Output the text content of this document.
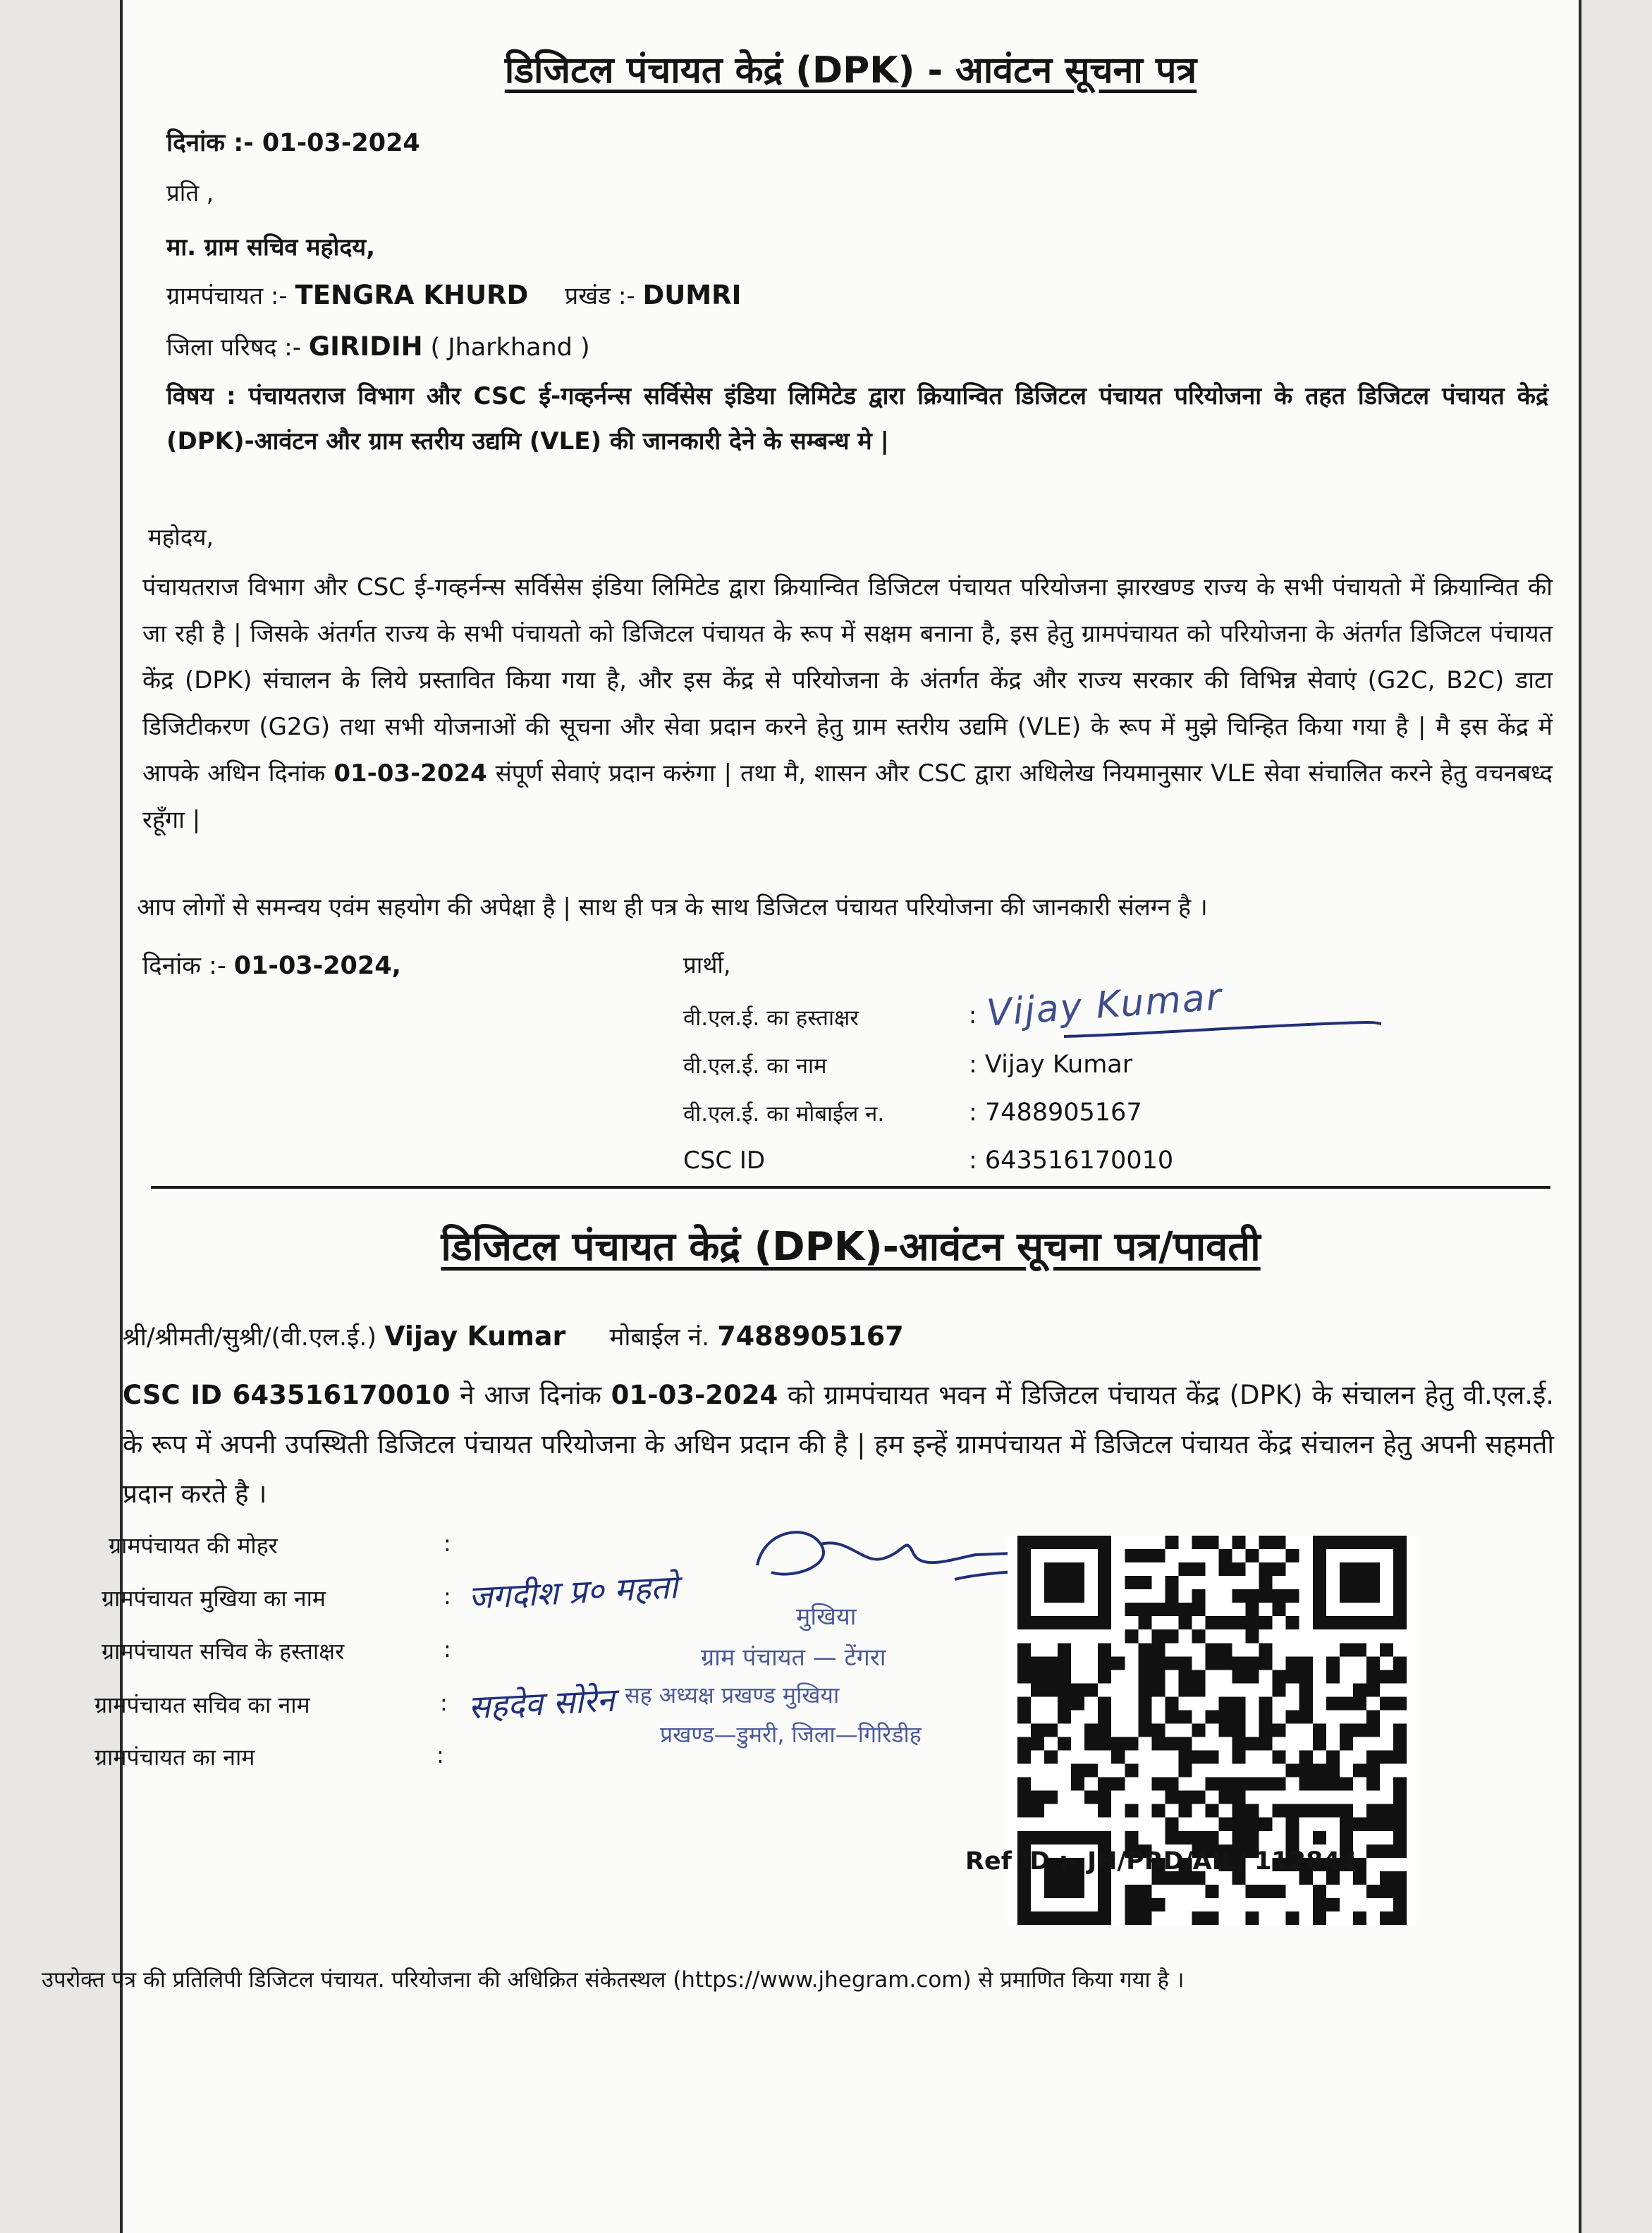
डिजिटल पंचायत केद्रं (DPK) - आवंटन सूचना पत्र
दिनांक :- 01-03-2024
प्रति ,
मा. ग्राम सचिव महोदय,
ग्रामपंचायत :- TENGRA KHURD प्रखंड :- DUMRI
जिला परिषद :- GIRIDIH ( Jharkhand )
विषय : पंचायतराज विभाग और CSC ई-गव्हर्नन्स सर्विसेस इंडिया लिमिटेड द्वारा क्रियान्वित डिजिटल पंचायत परियोजना के तहत डिजिटल पंचायत केद्रं (DPK)-आवंटन और ग्राम स्तरीय उद्यमि (VLE) की जानकारी देने के सम्बन्ध मे |
महोदय,
पंचायतराज विभाग और CSC ई-गव्हर्नन्स सर्विसेस इंडिया लिमिटेड द्वारा क्रियान्वित डिजिटल पंचायत परियोजना झारखण्ड राज्य के सभी पंचायतो में क्रियान्वित की जा रही है | जिसके अंतर्गत राज्य के सभी पंचायतो को डिजिटल पंचायत के रूप में सक्षम बनाना है, इस हेतु ग्रामपंचायत को परियोजना के अंतर्गत डिजिटल पंचायत केंद्र (DPK) संचालन के लिये प्रस्तावित किया गया है, और इस केंद्र से परियोजना के अंतर्गत केंद्र और राज्य सरकार की विभिन्न सेवाएं (G2C, B2C) डाटा डिजिटीकरण (G2G) तथा सभी योजनाओं की सूचना और सेवा प्रदान करने हेतु ग्राम स्तरीय उद्यमि (VLE) के रूप में मुझे चिन्हित किया गया है | मै इस केंद्र में आपके अधिन दिनांक 01-03-2024 संपूर्ण सेवाएं प्रदान करुंगा | तथा मै, शासन और CSC द्वारा अधिलेख नियमानुसार VLE सेवा संचालित करने हेतु वचनबध्द रहूँगा |
आप लोगों से समन्वय एवंम सहयोग की अपेक्षा है | साथ ही पत्र के साथ डिजिटल पंचायत परियोजना की जानकारी संलग्न है ।
दिनांक :- 01-03-2024,	प्रार्थी,
वी.एल.ई. का हस्ताक्षर	: Vijay Kumar
वी.एल.ई. का नाम	: Vijay Kumar
वी.एल.ई. का मोबाईल न.	: 7488905167
CSC ID	: 643516170010
डिजिटल पंचायत केद्रं (DPK)-आवंटन सूचना पत्र/पावती
श्री/श्रीमती/सुश्री/(वी.एल.ई.) Vijay Kumar मोबाईल नं. 7488905167
CSC ID 643516170010 ने आज दिनांक 01-03-2024 को ग्रामपंचायत भवन में डिजिटल पंचायत केंद्र (DPK) के संचालन हेतु वी.एल.ई. के रूप में अपनी उपस्थिती डिजिटल पंचायत परियोजना के अधिन प्रदान की है | हम इन्हें ग्रामपंचायत में डिजिटल पंचायत केंद्र संचालन हेतु अपनी सहमती प्रदान करते है ।
ग्रामपंचायत की मोहर	:
ग्रामपंचायत मुखिया का नाम	: जगदीश प्र० महतो
ग्रामपंचायत सचिव के हस्ताक्षर	:
ग्रामपंचायत सचिव का नाम	: सहदेव सोरेन
ग्रामपंचायत का नाम	:
मुखिया
ग्राम पंचायत — टेंगरा
सह अध्यक्ष प्रखण्ड मुखिया
प्रखण्ड—डुमरी, जिला—गिरिडीह
Ref ID :- JH/PRD/AIL/ 112844
उपरोक्त पत्र की प्रतिलिपी डिजिटल पंचायत. परियोजना की अधिक्रित संकेतस्थल (https://www.jhegram.com) से प्रमाणित किया गया है ।
